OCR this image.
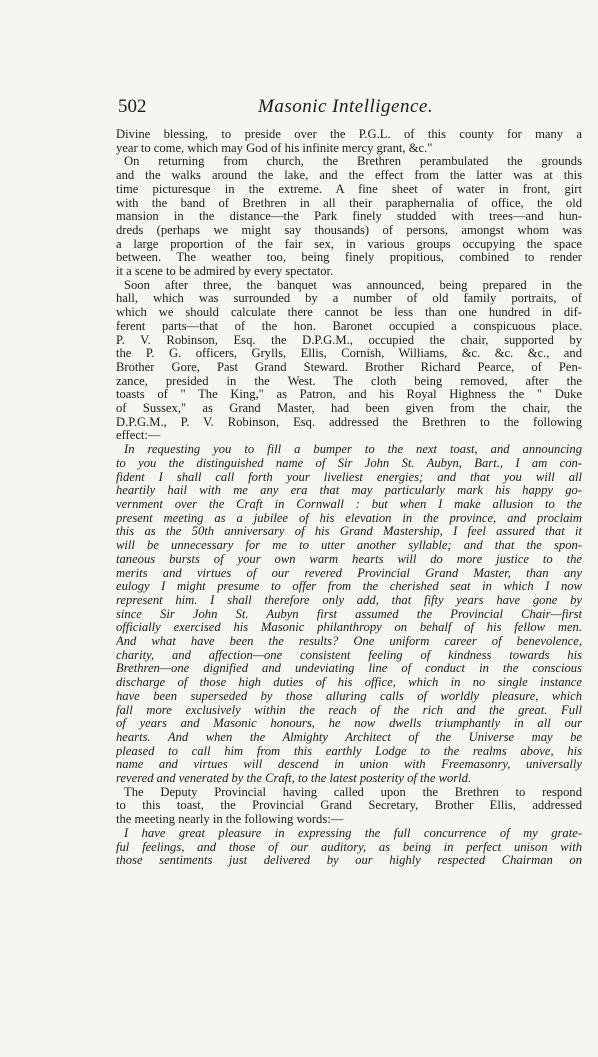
502	Masonic Intelligence.
Divine blessing, to preside over the P.G.L. of this county for many a
year to come, which may God of his infinite mercy grant, &c."
On returning from church, the Brethren perambulated the grounds
and the walks around the lake, and the effect from the latter was at this
time picturesque in the extreme. A fine sheet of water in front, girt
with the band of Brethren in all their paraphernalia of office, the old
mansion in the distance—the Park finely studded with trees—and hun-
dreds (perhaps we might say thousands) of persons, amongst whom was
a large proportion of the fair sex, in various groups occupying the space
between. The weather too, being finely propitious, combined to render
it a scene to be admired by every spectator.
Soon after three, the banquet was announced, being prepared in the
hall, which was surrounded by a number of old family portraits, of
which we should calculate there cannot be less than one hundred in dif-
ferent parts—that of the hon. Baronet occupied a conspicuous place.
P. V. Robinson, Esq. the D.P.G.M., occupied the chair, supported by
the P. G. officers, Grylls, Ellis, Cornish, Williams, &c. &c. &c., and
Brother Gore, Past Grand Steward. Brother Richard Pearce, of Pen-
zance, presided in the West. The cloth being removed, after the
toasts of " The King," as Patron, and his Royal Highness the " Duke
of Sussex," as Grand Master, had been given from the chair, the
D.P.G.M., P. V. Robinson, Esq. addressed the Brethren to the following
effect:—
In requesting you to fill a bumper to the next toast, and announcing
to you the distinguished name of Sir John St. Aubyn, Bart., I am con-
fident I shall call forth your liveliest energies; and that you will all
heartily hail with me any era that may particularly mark his happy go-
vernment over the Craft in Cornwall : but when I make allusion to the
present meeting as a jubilee of his elevation in the province, and proclaim
this as the 50th anniversary of his Grand Mastership, I feel assured that it
will be unnecessary for me to utter another syllable; and that the spon-
taneous bursts of your own warm hearts will do more justice to the
merits and virtues of our revered Provincial Grand Master, than any
eulogy I might presume to offer from the cherished seat in which I now
represent him. I shall therefore only add, that fifty years have gone by
since Sir John St. Aubyn first assumed the Provincial Chair—first
officially exercised his Masonic philanthropy on behalf of his fellow men.
And what have been the results? One uniform career of benevolence,
charity, and affection—one consistent feeling of kindness towards his
Brethren—one dignified and undeviating line of conduct in the conscious
discharge of those high duties of his office, which in no single instance
have been superseded by those alluring calls of worldly pleasure, which
fall more exclusively within the reach of the rich and the great. Full
of years and Masonic honours, he now dwells triumphantly in all our
hearts. And when the Almighty Architect of the Universe may be
pleased to call him from this earthly Lodge to the realms above, his
name and virtues will descend in union with Freemasonry, universally
revered and venerated by the Craft, to the latest posterity of the world.
The Deputy Provincial having called upon the Brethren to respond
to this toast, the Provincial Grand Secretary, Brother Ellis, addressed
the meeting nearly in the following words:—
I have great pleasure in expressing the full concurrence of my grate-
ful feelings, and those of our auditory, as being in perfect unison with
those sentiments just delivered by our highly respected Chairman on
